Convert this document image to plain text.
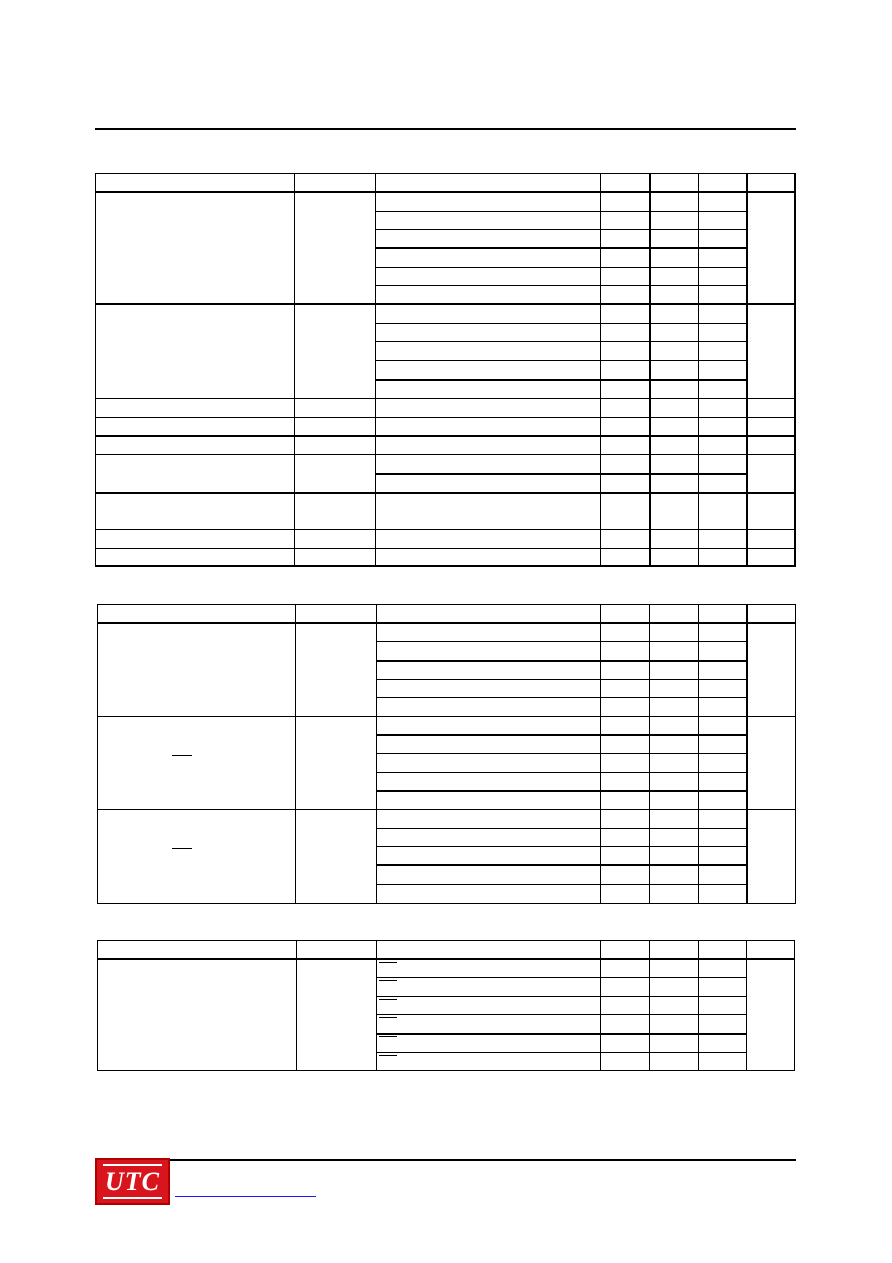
UTC
